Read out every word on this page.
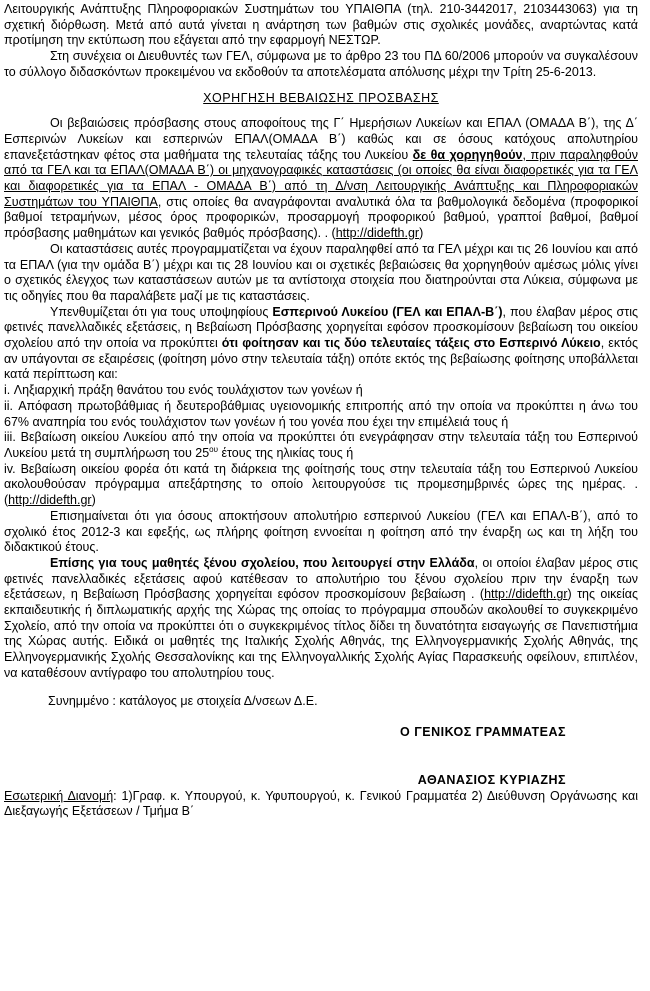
Λειτουργικής Ανάπτυξης Πληροφοριακών Συστημάτων του ΥΠΑΙΘΠΑ (τηλ. 210-3442017, 2103443063) για τη σχετική διόρθωση. Μετά από αυτά γίνεται η ανάρτηση των βαθμών στις σχολικές μονάδες, αναρτώντας κατά προτίμηση την εκτύπωση που εξάγεται από την εφαρμογή ΝΕΣΤΩΡ.

Στη συνέχεια οι Διευθυντές των ΓΕΛ, σύμφωνα με το άρθρο 23 του ΠΔ 60/2006 μπορούν να συγκαλέσουν το σύλλογο διδασκόντων προκειμένου να εκδοθούν τα αποτελέσματα απόλυσης μέχρι την Τρίτη 25-6-2013.

ΧΟΡΗΓΗΣΗ ΒΕΒΑΙΩΣΗΣ ΠΡΟΣΒΑΣΗΣ

Οι βεβαιώσεις πρόσβασης στους αποφοίτους της Γ΄ Ημερήσιων Λυκείων και ΕΠΑΛ (ΟΜΑΔΑ Β΄), της Δ΄ Εσπερινών Λυκείων και εσπερινών ΕΠΑΛ(ΟΜΑΔΑ Β΄) καθώς και σε όσους κατόχους απολυτηρίου επανεξετάστηκαν φέτος στα μαθήματα της τελευταίας τάξης του Λυκείου δε θα χορηγηθούν, πριν παραληφθούν από τα ΓΕΛ και τα ΕΠΑΛ(ΟΜΑΔΑ Β΄) οι μηχανογραφικές καταστάσεις (οι οποίες θα είναι διαφορετικές για τα ΓΕΛ και διαφορετικές για τα ΕΠΑΛ - ΟΜΑΔΑ Β΄) από τη Δ/νση Λειτουργικής Ανάπτυξης και Πληροφοριακών Συστημάτων του ΥΠΑΙΘΠΑ, στις οποίες θα αναγράφονται αναλυτικά όλα τα βαθμολογικά δεδομένα (προφορικοί βαθμοί τετραμήνων, μέσος όρος προφορικών, προσαρμογή προφορικού βαθμού, γραπτοί βαθμοί, βαθμοί πρόσβασης μαθημάτων και γενικός βαθμός πρόσβασης). . (http://didefth.gr)

Οι καταστάσεις αυτές προγραμματίζεται να έχουν παραληφθεί από τα ΓΕΛ μέχρι και τις 26 Ιουνίου και από τα ΕΠΑΛ (για την ομάδα Β΄) μέχρι και τις 28 Ιουνίου και οι σχετικές βεβαιώσεις θα χορηγηθούν αμέσως μόλις γίνει ο σχετικός έλεγχος των καταστάσεων αυτών με τα αντίστοιχα στοιχεία που διατηρούνται στα Λύκεια, σύμφωνα με τις οδηγίες που θα παραλάβετε μαζί με τις καταστάσεις.

Υπενθυμίζεται ότι για τους υποψηφίους Εσπερινού Λυκείου (ΓΕΛ και ΕΠΑΛ-Β΄), που έλαβαν μέρος στις φετινές πανελλαδικές εξετάσεις, η Βεβαίωση Πρόσβασης χορηγείται εφόσον προσκομίσουν βεβαίωση του οικείου σχολείου από την οποία να προκύπτει ότι φοίτησαν και τις δύο τελευταίες τάξεις στο Εσπερινό Λύκειο, εκτός αν υπάγονται σε εξαιρέσεις (φοίτηση μόνο στην τελευταία τάξη) οπότε εκτός της βεβαίωσης φοίτησης υποβάλλεται κατά περίπτωση και:

i. Ληξιαρχική πράξη θανάτου του ενός τουλάχιστον των γονέων ή

ii. Απόφαση πρωτοβάθμιας ή δευτεροβάθμιας υγειονομικής επιτροπής από την οποία να προκύπτει η άνω του 67% αναπηρία του ενός τουλάχιστον των γονέων ή του γονέα που έχει την επιμέλειά τους ή

iii. Βεβαίωση οικείου Λυκείου από την οποία να προκύπτει ότι ενεγράφησαν στην τελευταία τάξη του Εσπερινού Λυκείου μετά τη συμπλήρωση του $25^{o\upsilon}$ έτους της ηλικίας τους ή

iv. Βεβαίωση οικείου φορέα ότι κατά τη διάρκεια της φοίτησής τους στην τελευταία τάξη του Εσπερινού Λυκείου ακολουθούσαν πρόγραμμα απεξάρτησης το οποίο λειτουργούσε τις προμεσημβρινές ώρες της ημέρας. . (http://didefth.gr)

Επισημαίνεται ότι για όσους αποκτήσουν απολυτήριο εσπερινού Λυκείου (ΓΕΛ και ΕΠΑΛ-Β΄), από το σχολικό έτος 2012-3 και εφεξής, ως πλήρης φοίτηση εννοείται η φοίτηση από την έναρξη ως και τη λήξη του διδακτικού έτους.

Επίσης για τους μαθητές ξένου σχολείου, που λειτουργεί στην Ελλάδα, οι οποίοι έλαβαν μέρος στις φετινές πανελλαδικές εξετάσεις αφού κατέθεσαν το απολυτήριο του ξένου σχολείου πριν την έναρξη των εξετάσεων, η Βεβαίωση Πρόσβασης χορηγείται εφόσον προσκομίσουν βεβαίωση . (http://didefth.gr) της οικείας εκπαιδευτικής ή διπλωματικής αρχής της Χώρας της οποίας το πρόγραμμα σπουδών ακολουθεί το συγκεκριμένο Σχολείο, από την οποία να προκύπτει ότι ο συγκεκριμένος τίτλος δίδει τη δυνατότητα εισαγωγής σε Πανεπιστήμια της Χώρας αυτής. Ειδικά οι μαθητές της Ιταλικής Σχολής Αθηνάς, της Ελληνογερμανικής Σχολής Αθηνάς, της Ελληνογερμανικής Σχολής Θεσσαλονίκης και της Ελληνογαλλικής Σχολής Αγίας Παρασκευής οφείλουν, επιπλέον, να καταθέσουν αντίγραφο του απολυτηρίου τους.

Συνημμένο : κατάλογος με στοιχεία Δ/νσεων Δ.Ε.

Ο ΓΕΝΙΚΟΣ ΓΡΑΜΜΑΤΕΑΣ
ΑΘΑΝΑΣΙΟΣ ΚΥΡΙΑΖΗΣ

Εσωτερική Διανομή: 1)Γραφ. κ. Υπουργού, κ. Υφυπουργού, κ. Γενικού Γραμματέα 2) Διεύθυνση Οργάνωσης και Διεξαγωγής Εξετάσεων / Τμήμα Β΄
